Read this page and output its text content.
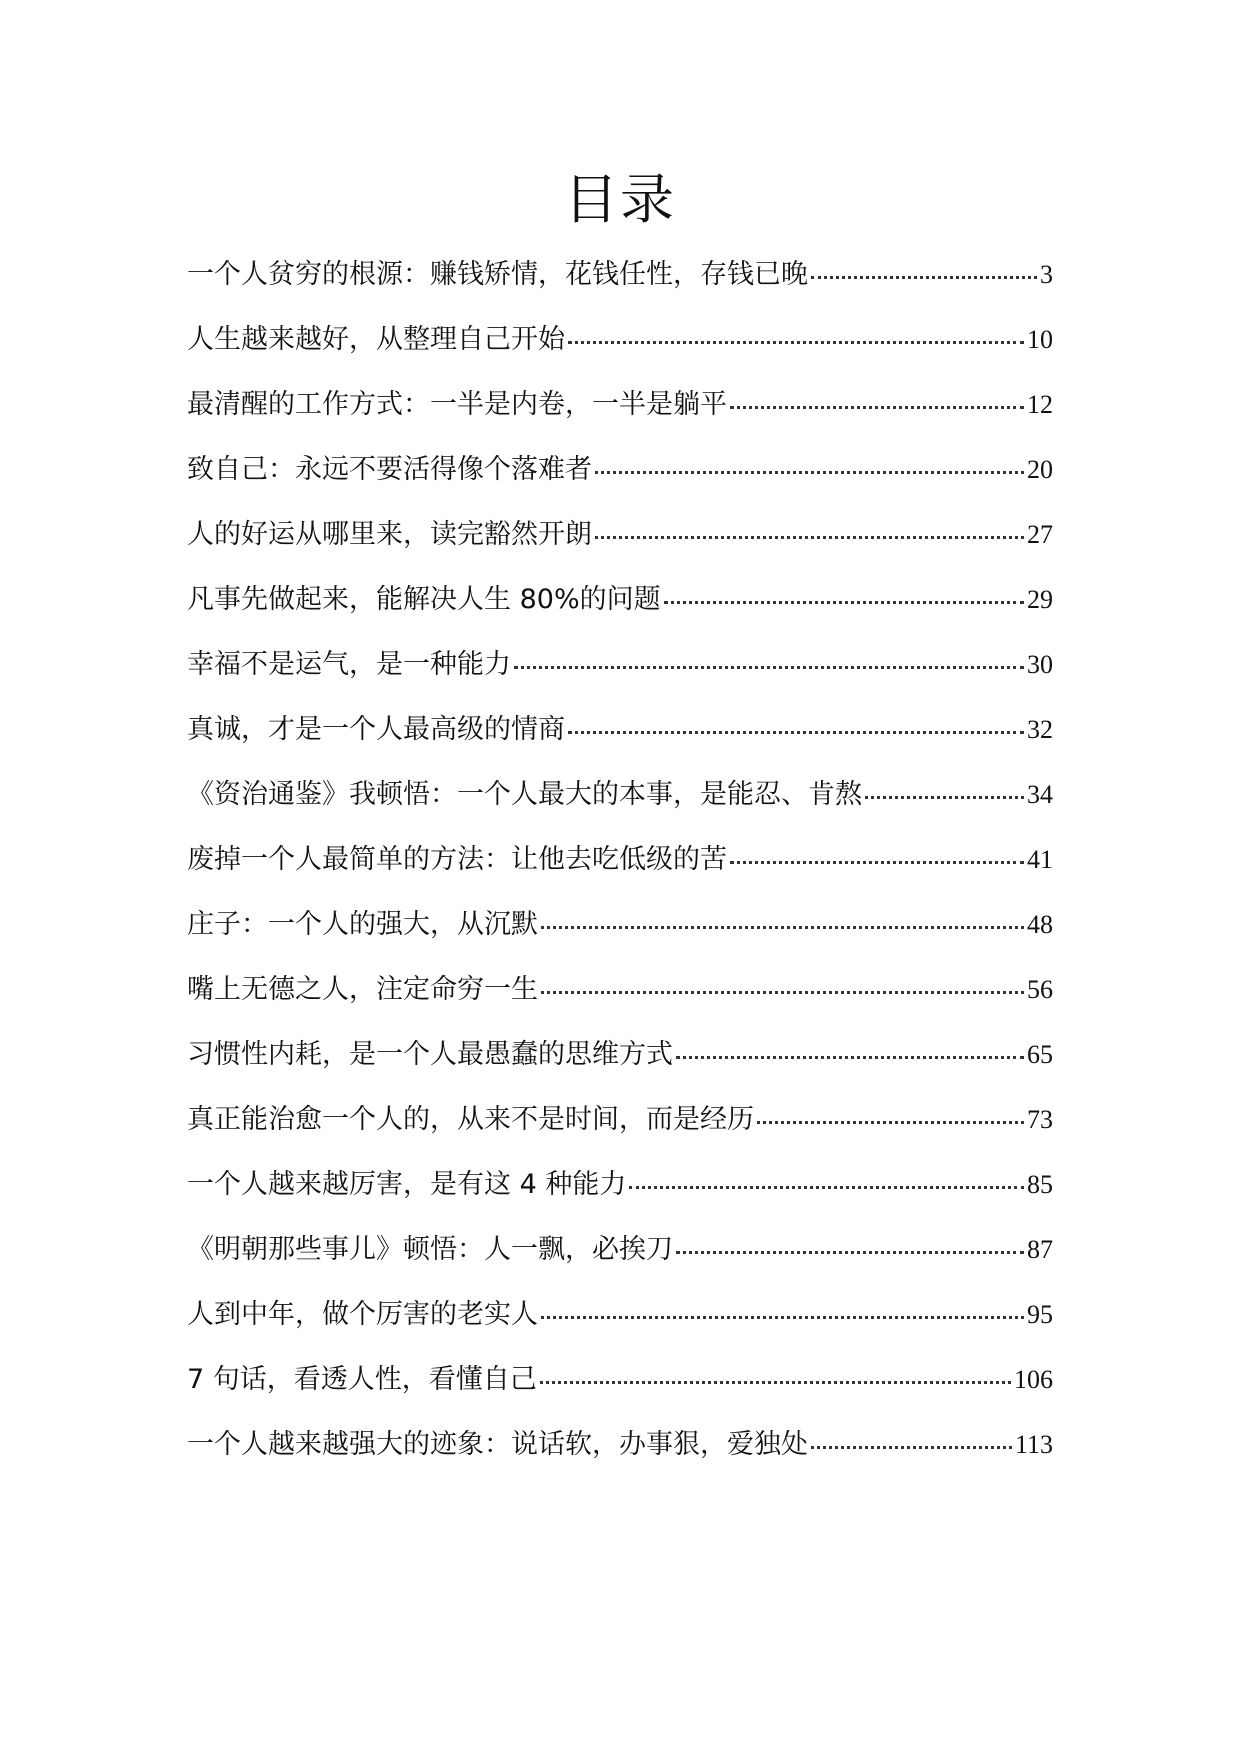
目录
一个人贫穷的根源：赚钱矫情，花钱任性，存钱已晚	3
人生越来越好，从整理自己开始	10
最清醒的工作方式：一半是内卷，一半是躺平	12
致自己：永远不要活得像个落难者	20
人的好运从哪里来，读完豁然开朗	27
凡事先做起来，能解决人生 80%的问题	29
幸福不是运气，是一种能力	30
真诚，才是一个人最高级的情商	32
《资治通鉴》我顿悟：一个人最大的本事，是能忍、肯熬	34
废掉一个人最简单的方法：让他去吃低级的苦	41
庄子：一个人的强大，从沉默	48
嘴上无德之人，注定命穷一生	56
习惯性内耗，是一个人最愚蠢的思维方式	65
真正能治愈一个人的，从来不是时间，而是经历	73
一个人越来越厉害，是有这 4 种能力	85
《明朝那些事儿》顿悟：人一飘，必挨刀	87
人到中年，做个厉害的老实人	95
7 句话，看透人性，看懂自己	106
一个人越来越强大的迹象：说话软，办事狠，爱独处	113
